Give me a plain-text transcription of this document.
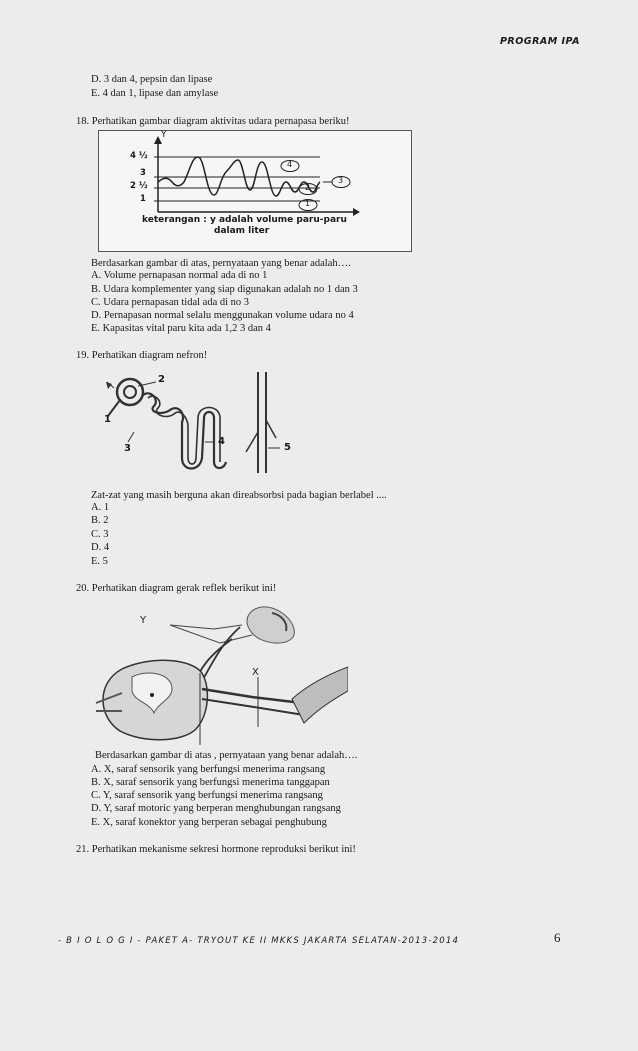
PROGRAM IPA
D. 3 dan 4, pepsin dan lipase
E. 4 dan 1, lipase dan amylase
18. Perhatikan gambar diagram aktivitas udara pernapasa beriku!
Y
4 ½
3
2 ½
1	1
2
3
4
keterangan : y adalah volume paru-paru
dalam liter
Berdasarkan gambar di atas, pernyataan yang benar adalah….
A. Volume pernapasan normal ada di no 1
B. Udara komplementer yang siap digunakan adalah no 1 dan 3
C. Udara pernapasan tidal ada di no 3
D. Pernapasan normal selalu menggunakan volume udara no 4
E. Kapasitas vital paru kita ada 1,2 3 dan 4
19. Perhatikan diagram nefron!
1
2
3
4
5
Zat-zat yang masih berguna akan direabsorbsi pada bagian berlabel ....
A. 1
B. 2
C. 3
D. 4
E. 5
20. Perhatikan diagram gerak reflek berikut ini!
Y
X
Berdasarkan gambar di atas , pernyataan yang benar adalah….
A. X, saraf sensorik yang berfungsi menerima rangsang
B. X, saraf sensorik yang berfungsi menerima tanggapan
C. Y, saraf sensorik yang berfungsi menerima rangsang
D. Y, saraf motoric yang berperan menghubungan rangsang
E. X, saraf konektor yang berperan sebagai penghubung
21. Perhatikan mekanisme sekresi hormone reproduksi berikut ini!
- B I O L O G I - PAKET A- TRYOUT KE II MKKS JAKARTA SELATAN-2013-2014	6
